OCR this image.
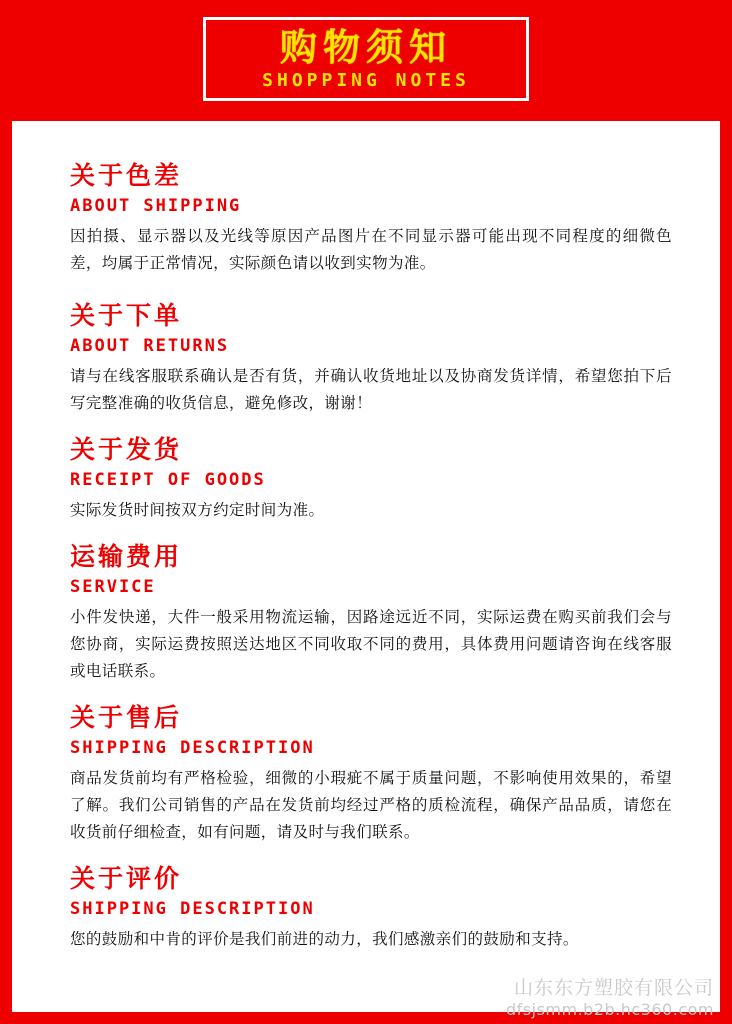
购物须知
SHOPPING NOTES
关于色差
ABOUT SHIPPING

因拍摄、显示器以及光线等原因产品图片在不同显示器可能出现不同程度的细微色差，均属于正常情况，实际颜色请以收到实物为准。

关于下单
ABOUT RETURNS

请与在线客服联系确认是否有货，并确认收货地址以及协商发货详情，希望您拍下后写完整准确的收货信息，避免修改，谢谢！

关于发货
RECEIPT OF GOODS

实际发货时间按双方约定时间为准。

运输费用
SERVICE

小件发快递，大件一般采用物流运输，因路途远近不同，实际运费在购买前我们会与您协商，实际运费按照送达地区不同收取不同的费用，具体费用问题请咨询在线客服或电话联系。

关于售后
SHIPPING DESCRIPTION

商品发货前均有严格检验，细微的小瑕疵不属于质量问题，不影响使用效果的，希望了解。我们公司销售的产品在发货前均经过严格的质检流程，确保产品品质，请您在收货前仔细检查，如有问题，请及时与我们联系。

关于评价
SHIPPING DESCRIPTION

您的鼓励和中肯的评价是我们前进的动力，我们感激亲们的鼓励和支持。

山东东方塑胶有限公司
dfsjsmm.b2b.hc360.com
